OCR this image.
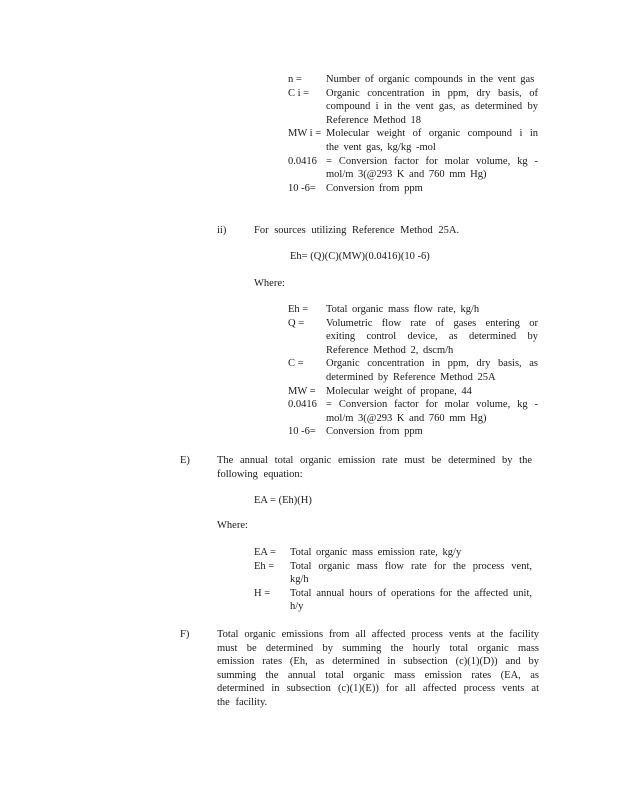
n =	Number of organic compounds in the vent gas
C i =	Organic concentration in ppm, dry basis, of compound i in the vent gas, as determined by Reference Method 18
MW i = Molecular weight of organic compound i in the vent gas, kg/kg -mol
0.0416 = Conversion factor for molar volume, kg - mol/m 3(@293 K and 760 mm Hg)
10 -6= Conversion from ppm
ii)	For sources utilizing Reference Method 25A.
Eh= (Q)(C)(MW)(0.0416)(10 -6)
Where:
Eh =	Total organic mass flow rate, kg/h
Q =	Volumetric flow rate of gases entering or exiting control device, as determined by Reference Method 2, dscm/h
C =	Organic concentration in ppm, dry basis, as determined by Reference Method 25A
MW = Molecular weight of propane, 44
0.0416 = Conversion factor for molar volume, kg - mol/m 3(@293 K and 760 mm Hg)
10 -6= Conversion from ppm
E)	The annual total organic emission rate must be determined by the following equation:
EA = (Eh)(H)
Where:
EA =	Total organic mass emission rate, kg/y
Eh =	Total organic mass flow rate for the process vent, kg/h
H =	Total annual hours of operations for the affected unit, h/y
F)	Total organic emissions from all affected process vents at the facility must be determined by summing the hourly total organic mass emission rates (Eh, as determined in subsection (c)(1)(D)) and by summing the annual total organic mass emission rates (EA, as determined in subsection (c)(1)(E)) for all affected process vents at the facility.
